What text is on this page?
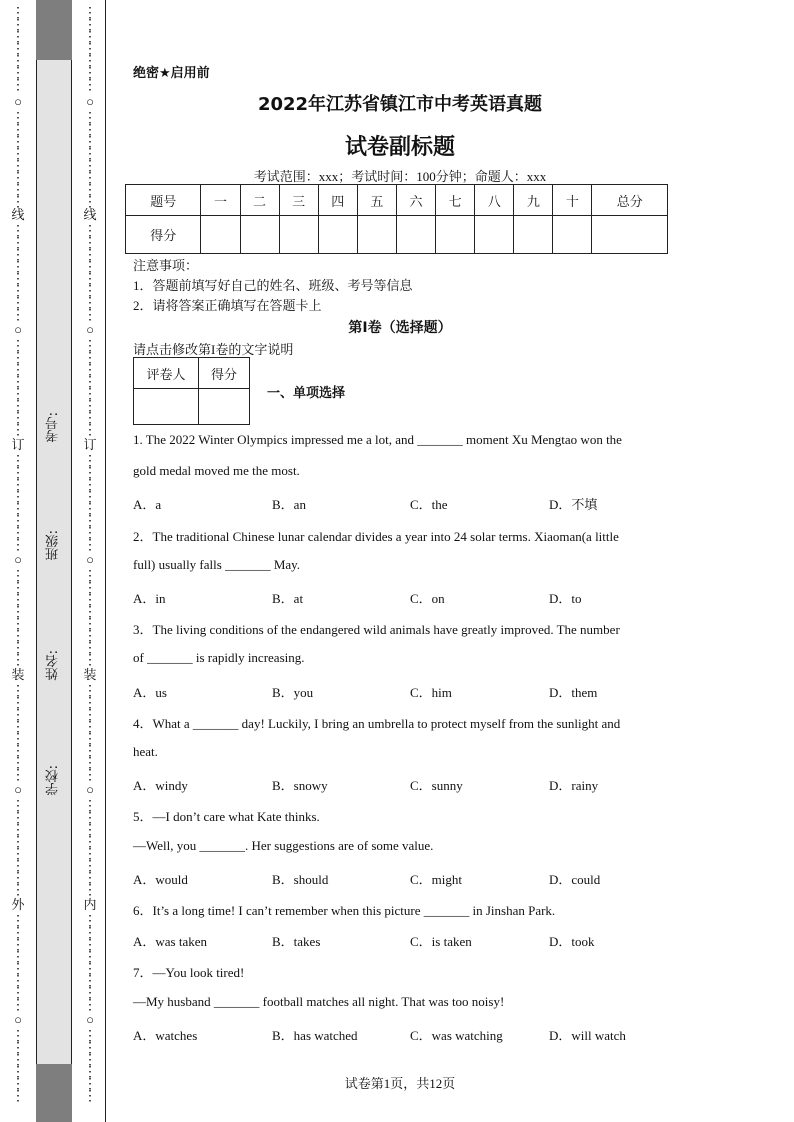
⋮
⋮
⋮
⋮
⋮
⋮
⋮
○
⋮
⋮
⋮
⋮
⋮
⋮
⋮
⋮
线
⋮
⋮
⋮
⋮
⋮
⋮
⋮
⋮
○
⋮
⋮
⋮
⋮
⋮
⋮
⋮
⋮
订
⋮
⋮
⋮
⋮
⋮
⋮
⋮
⋮
○
⋮
⋮
⋮
⋮
⋮
⋮
⋮
⋮
装
⋮
⋮
⋮
⋮
⋮
⋮
⋮
⋮
○
⋮
⋮
⋮
⋮
⋮
⋮
⋮
⋮
外
⋮
⋮
⋮
⋮
⋮
⋮
⋮
⋮
○
⋮
⋮
⋮
⋮
⋮
⋮
⋮
⋮
⋮
⋮
⋮
⋮
⋮
○
⋮
⋮
⋮
⋮
⋮
⋮
⋮
⋮
线
⋮
⋮
⋮
⋮
⋮
⋮
⋮
⋮
○
⋮
⋮
⋮
⋮
⋮
⋮
⋮
⋮
订
⋮
⋮
⋮
⋮
⋮
⋮
⋮
⋮
○
⋮
⋮
⋮
⋮
⋮
⋮
⋮
⋮
装
⋮
⋮
⋮
⋮
⋮
⋮
⋮
⋮
○
⋮
⋮
⋮
⋮
⋮
⋮
⋮
⋮
内
⋮
⋮
⋮
⋮
⋮
⋮
⋮
⋮
○
⋮
⋮
⋮
⋮
⋮
⋮
考号:
班级:
姓名:
学校:
绝密★启用前
2022年江苏省镇江市中考英语真题
试卷副标题
考试范围：xxx；考试时间：100分钟；命题人：xxx
题号	一	二	三	四	五	六	七	八	九	十	总分
得分											
注意事项：
1．答题前填写好自己的姓名、班级、考号等信息
2．请将答案正确填写在答题卡上
第I卷（选择题）
请点击修改第I卷的文字说明
评卷人	得分

一、单项选择
1. The 2022 Winter Olympics impressed me a lot, and _______ moment Xu Mengtao won the
gold medal moved me the most.
A．a	B．an	C．the	D．不填
2．The traditional Chinese lunar calendar divides a year into 24 solar terms. Xiaoman(a little
full) usually falls _______ May.
A．in	B．at	C．on	D．to
3．The living conditions of the endangered wild animals have greatly improved. The number
of _______ is rapidly increasing.
A．us	B．you	C．him	D．them
4．What a _______ day! Luckily, I bring an umbrella to protect myself from the sunlight and
heat.
A．windy	B．snowy	C．sunny	D．rainy
5．—I don’t care what Kate thinks.
—Well, you _______. Her suggestions are of some value.
A．would	B．should	C．might	D．could
6．It’s a long time! I can’t remember when this picture _______ in Jinshan Park.
A．was taken	B．takes	C．is taken	D．took
7．—You look tired!
—My husband _______ football matches all night. That was too noisy!
A．watches	B．has watched	C．was watching	D．will watch
试卷第1页，共12页
